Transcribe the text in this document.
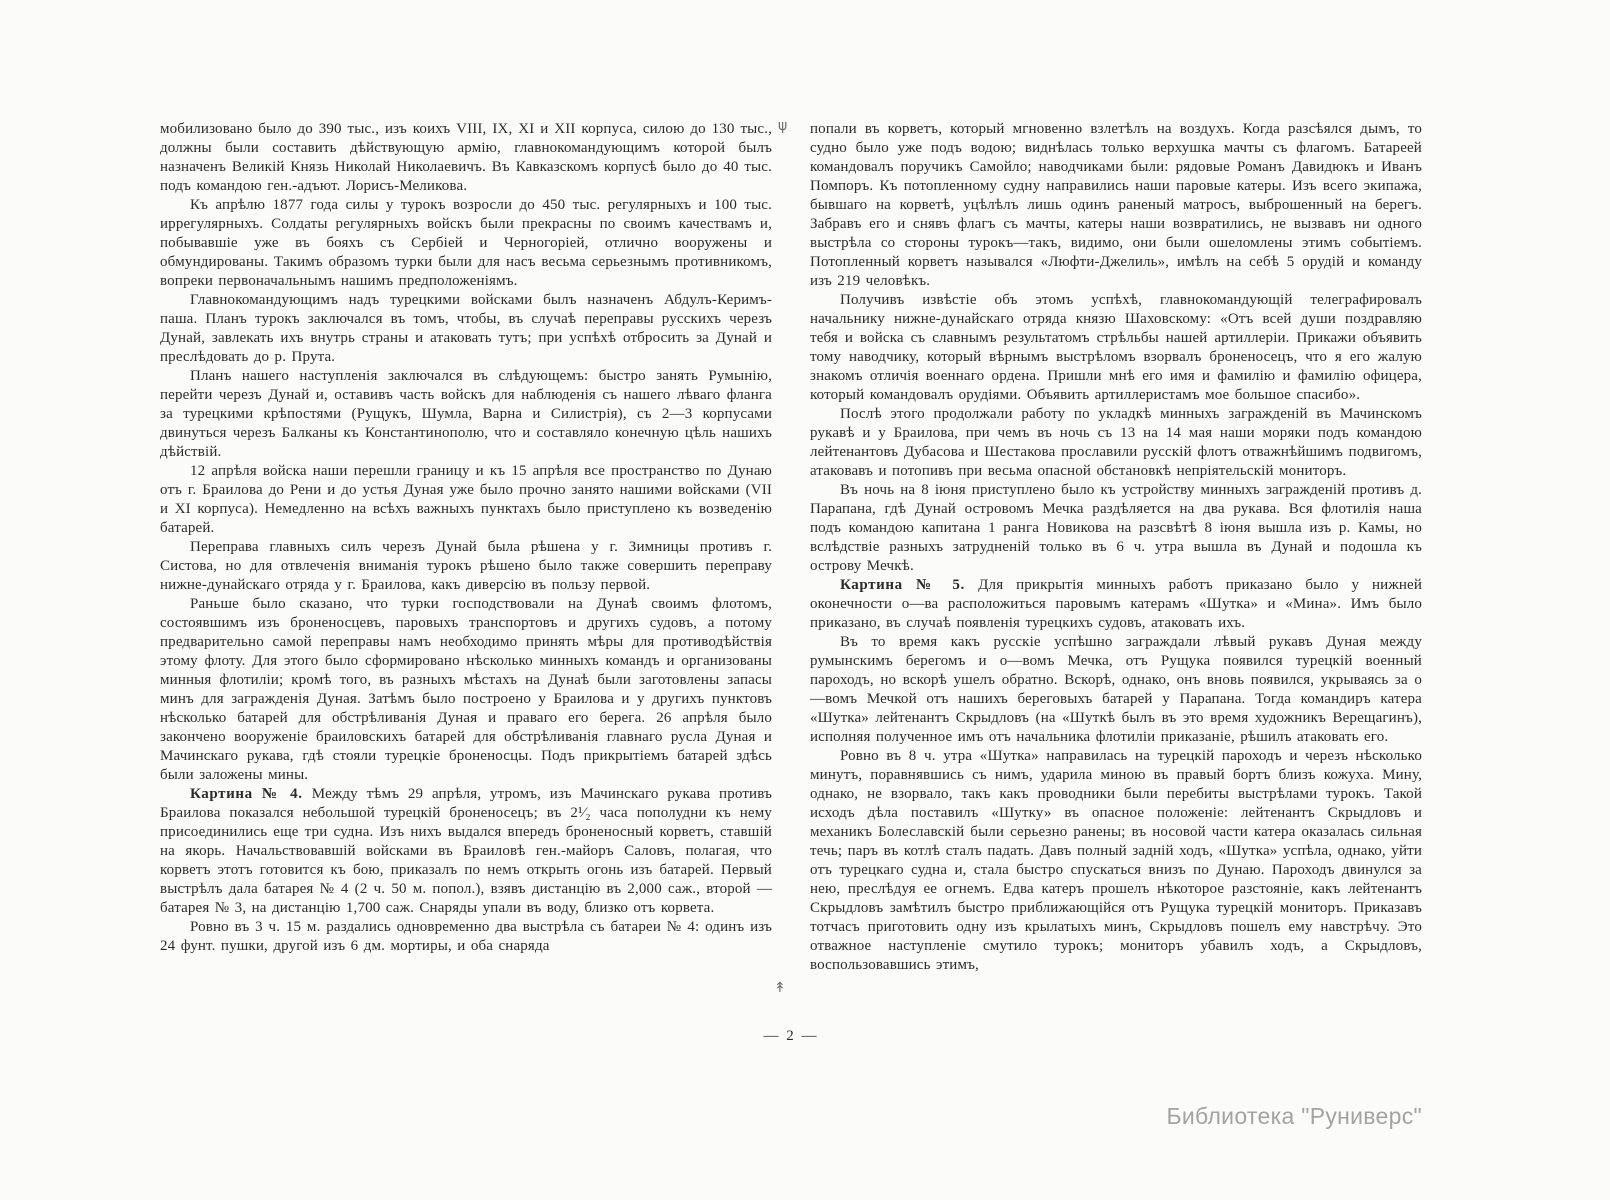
мобилизовано было до 390 тыс., изъ коихъ VIII, IX, XI и XII корпуса, силою до 130 тыс., должны были составить дѣйствующую армію, главнокомандующимъ которой былъ назначенъ Великій Князь Николай Николаевичъ. Въ Кавказскомъ корпусѣ было до 40 тыс. подъ командою ген.-адъют. Лорисъ-Меликова.

Къ апрѣлю 1877 года силы у турокъ возросли до 450 тыс. регулярныхъ и 100 тыс. иррегулярныхъ. Солдаты регулярныхъ войскъ были прекрасны по своимъ качествамъ и, побывавшіе уже въ бояхъ съ Сербіей и Черногоріей, отлично вооружены и обмундированы. Такимъ образомъ турки были для насъ весьма серьезнымъ противникомъ, вопреки первоначальнымъ нашимъ предположеніямъ.

Главнокомандующимъ надъ турецкими войсками былъ назначенъ Абдулъ-Керимъ-паша. Планъ турокъ заключался въ томъ, чтобы, въ случаѣ переправы русскихъ черезъ Дунай, завлекать ихъ внутрь страны и атаковать тутъ; при успѣхѣ отбросить за Дунай и преслѣдовать до р. Прута.

Планъ нашего наступленія заключался въ слѣдующемъ: быстро занять Румынію, перейти черезъ Дунай и, оставивъ часть войскъ для наблюденія съ нашего лѣваго фланга за турецкими крѣпостями (Рущукъ, Шумла, Варна и Силистрія), съ 2—3 корпусами двинуться черезъ Балканы къ Константинополю, что и составляло конечную цѣль нашихъ дѣйствій.

12 апрѣля войска наши перешли границу и къ 15 апрѣля все пространство по Дунаю отъ г. Браилова до Рени и до устья Дуная уже было прочно занято нашими войсками (VII и XI корпуса). Немедленно на всѣхъ важныхъ пунктахъ было приступлено къ возведенію батарей.

Переправа главныхъ силъ черезъ Дунай была рѣшена у г. Зимницы противъ г. Систова, но для отвлеченія вниманія турокъ рѣшено было также совершить переправу нижне-дунайскаго отряда у г. Браилова, какъ диверсію въ пользу первой.

Раньше было сказано, что турки господствовали на Дунаѣ своимъ флотомъ, состоявшимъ изъ броненосцевъ, паровыхъ транспортовъ и другихъ судовъ, а потому предварительно самой переправы намъ необходимо принять мѣры для противодѣйствія этому флоту. Для этого было сформировано нѣсколько минныхъ командъ и организованы минныя флотиліи; кромѣ того, въ разныхъ мѣстахъ на Дунаѣ были заготовлены запасы минъ для загражденія Дуная. Затѣмъ было построено у Браилова и у другихъ пунктовъ нѣсколько батарей для обстрѣливанія Дуная и праваго его берега. 26 апрѣля было закончено вооруженіе браиловскихъ батарей для обстрѣливанія главнаго русла Дуная и Мачинскаго рукава, гдѣ стояли турецкіе броненосцы. Подъ прикрытіемъ батарей здѣсь были заложены мины.

Картина № 4. Между тѣмъ 29 апрѣля, утромъ, изъ Мачинскаго рукава противъ Браилова показался небольшой турецкій броненосецъ; въ 2¹⁄₂ часа пополудни къ нему присоединились еще три судна. Изъ нихъ выдался впередъ броненосный корветъ, ставшій на якорь. Начальствовавшій войсками въ Браиловѣ ген.-майоръ Саловъ, полагая, что корветъ этотъ готовится къ бою, приказалъ по немъ открыть огонь изъ батарей. Первый выстрѣлъ дала батарея № 4 (2 ч. 50 м. попол.), взявъ дистанцію въ 2,000 саж., второй — батарея № 3, на дистанцію 1,700 саж. Снаряды упали въ воду, близко отъ корвета.

Ровно въ 3 ч. 15 м. раздались одновременно два выстрѣла съ батареи № 4: одинъ изъ 24 фунт. пушки, другой изъ 6 дм. мортиры, и оба снаряда

попали въ корветъ, который мгновенно взлетѣлъ на воздухъ. Когда разсѣялся дымъ, то судно было уже подъ водою; виднѣлась только верхушка мачты съ флагомъ. Батареей командовалъ поручикъ Самойло; наводчиками были: рядовые Романъ Давидюкъ и Иванъ Помпоръ. Къ потопленному судну направились наши паровые катеры. Изъ всего экипажа, бывшаго на корветѣ, уцѣлѣлъ лишь одинъ раненый матросъ, выброшенный на берегъ. Забравъ его и снявъ флагъ съ мачты, катеры наши возвратились, не вызвавъ ни одного выстрѣла со стороны турокъ—такъ, видимо, они были ошеломлены этимъ событіемъ. Потопленный корветъ назывался «Люфти-Джелиль», имѣлъ на себѣ 5 орудій и команду изъ 219 человѣкъ.

Получивъ извѣстіе объ этомъ успѣхѣ, главнокомандующій телеграфировалъ начальнику нижне-дунайскаго отряда князю Шаховскому: «Отъ всей души поздравляю тебя и войска съ славнымъ результатомъ стрѣльбы нашей артиллеріи. Прикажи объявить тому наводчику, который вѣрнымъ выстрѣломъ взорвалъ броненосецъ, что я его жалую знакомъ отличія военнаго ордена. Пришли мнѣ его имя и фамилію и фамилію офицера, который командовалъ орудіями. Объявить артиллеристамъ мое большое спасибо».

Послѣ этого продолжали работу по укладкѣ минныхъ загражденій въ Мачинскомъ рукавѣ и у Браилова, при чемъ въ ночь съ 13 на 14 мая наши моряки подъ командою лейтенантовъ Дубасова и Шестакова прославили русскій флотъ отважнѣйшимъ подвигомъ, атаковавъ и потопивъ при весьма опасной обстановкѣ непріятельскій мониторъ.

Въ ночь на 8 іюня приступлено было къ устройству минныхъ загражденій противъ д. Парапана, гдѣ Дунай островомъ Мечка раздѣляется на два рукава. Вся флотилія наша подъ командою капитана 1 ранга Новикова на разсвѣтѣ 8 іюня вышла изъ р. Камы, но вслѣдствіе разныхъ затрудненій только въ 6 ч. утра вышла въ Дунай и подошла къ острову Мечкѣ.

Картина № 5. Для прикрытія минныхъ работъ приказано было у нижней оконечности о—ва расположиться паровымъ катерамъ «Шутка» и «Мина». Имъ было приказано, въ случаѣ появленія турецкихъ судовъ, атаковать ихъ.

Въ то время какъ русскіе успѣшно заграждали лѣвый рукавъ Дуная между румынскимъ берегомъ и о—вомъ Мечка, отъ Рущука появился турецкій военный пароходъ, но вскорѣ ушелъ обратно. Вскорѣ, однако, онъ вновь появился, укрываясь за о—вомъ Мечкой отъ нашихъ береговыхъ батарей у Парапана. Тогда командиръ катера «Шутка» лейтенантъ Скрыдловъ (на «Шуткѣ былъ въ это время художникъ Верещагинъ), исполняя полученное имъ отъ начальника флотиліи приказаніе, рѣшилъ атаковать его.

Ровно въ 8 ч. утра «Шутка» направилась на турецкій пароходъ и черезъ нѣсколько минутъ, поравнявшись съ нимъ, ударила миною въ правый бортъ близъ кожуха. Мину, однако, не взорвало, такъ какъ проводники были перебиты выстрѣлами турокъ. Такой исходъ дѣла поставилъ «Шутку» въ опасное положеніе: лейтенантъ Скрыдловъ и механикъ Болеславскій были серьезно ранены; въ носовой части катера оказалась сильная течь; паръ въ котлѣ сталъ падать. Давъ полный задній ходъ, «Шутка» успѣла, однако, уйти отъ турецкаго судна и, стала быстро спускаться внизъ по Дунаю. Пароходъ двинулся за нею, преслѣдуя ее огнемъ. Едва катеръ прошелъ нѣкоторое разстояніе, какъ лейтенантъ Скрыдловъ замѣтилъ быстро приближающійся отъ Рущука турецкій мониторъ. Приказавъ тотчасъ приготовить одну изъ крылатыхъ минъ, Скрыдловъ пошелъ ему навстрѣчу. Это отважное наступленіе смутило турокъ; мониторъ убавилъ ходъ, а Скрыдловъ, воспользовавшись этимъ,

ψ
↟
— 2 —
Библиотека "Руниверс"
